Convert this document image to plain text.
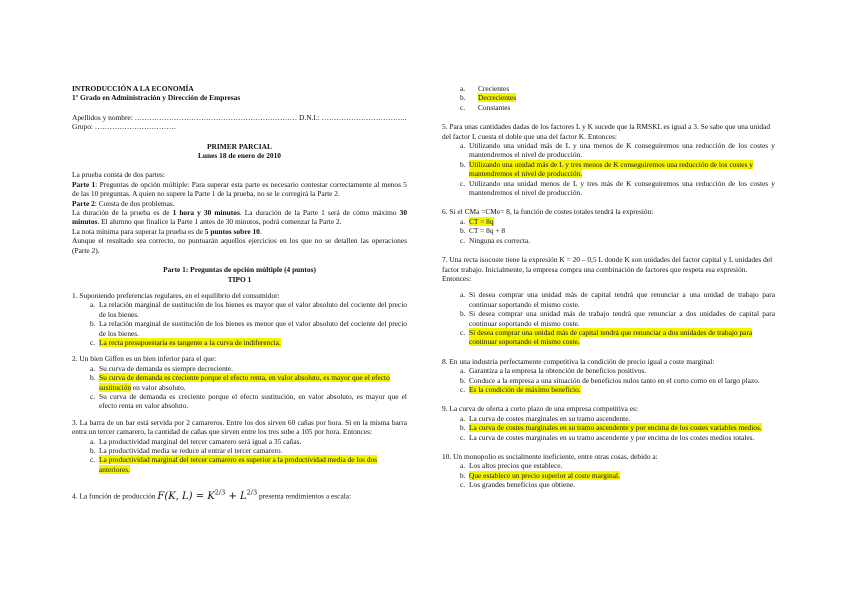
INTRODUCCIÓN A LA ECONOMÍA

1º Grado en Administración y Dirección de Empresas

Apellidos y nombre: ………………………………………………………… D.N.I.: ……………………………..

Grupo: ……………………………

PRIMER PARCIAL

Lunes 18 de enero de 2010

La prueba consta de dos partes:

Parte 1: Preguntas de opción múltiple: Para superar esta parte es necesario contestar correctamente al menos 5 de las 10 preguntas. A quien no supere la Parte 1 de la prueba, no se le corregirá la Parte 2.

Parte 2: Consta de dos problemas.

La duración de la prueba es de 1 hora y 30 minutos. La duración de la Parte 1 será de cómo máximo 30 minutos. El alumno que finalice la Parte 1 antes de 30 minutos, podrá comenzar la Parte 2.

La nota mínima para superar la prueba es de 5 puntos sobre 10.

Aunque el resultado sea correcto, no puntuarán aquellos ejercicios en los que no se detallen las operaciones (Parte 2).

Parte 1: Preguntas de opción múltiple (4 puntos)

TIPO 1

1. Suponiendo preferencias regulares, en el equilibrio del consumidor:

a. La relación marginal de sustitución de los bienes es mayor que el valor absoluto del cociente del precio de los bienes.
b. La relación marginal de sustitución de los bienes es menor que el valor absoluto del cociente del precio de los bienes.
c. La recta presupuestaria es tangente a la curva de indiferencia.

2. Un bien Giffen es un bien inferior para el que:

a. Su curva de demanda es siempre decreciente.
b. Su curva de demanda es creciente porque el efecto renta, en valor absoluto, es mayor que el efecto sustitución en valor absoluto.
c. Su curva de demanda es creciente porque el efecto sustitución, en valor absoluto, es mayor que el efecto renta en valor absoluto.

3. La barra de un bar está servida por 2 camareros. Entre los dos sirven 60 cañas por hora. Si en la misma barra entra un tercer camarero, la cantidad de cañas que sirven entre los tres sube a 105 por hora. Entonces:

a. La productividad marginal del tercer camarero será igual a 35 cañas.
b. La productividad media se reduce al entrar el tercer camarero.
c. La productividad marginal del tercer camarero es superior a la productividad media de los dos anteriores.

4. La función de producción F(K, $L) = K^{2/3} + L^{2/3}$ presenta rendimientos a escala:

a.	Crecientes
b.	Decrecientes
c.	Constantes

5. Para unas cantidades dadas de los factores L y K sucede que la RMSKL es igual a 3. Se sabe que una unidad del factor L cuesta el doble que una del factor K. Entonces:

a. Utilizando una unidad más de L y una menos de K conseguiremos una reducción de los costes y mantendremos el nivel de producción.
b. Utilizando una unidad más de L y tres menos de K conseguiremos una reducción de los costes y mantendremos el nivel de producción.
c. Utilizando una unidad menos de L y tres más de K conseguiremos una reducción de los costes y mantendremos el nivel de producción.

6. Si el CMa =CMe= 8, la función de costes totales tendrá la expresión:

a. CT = 8q
b. CT = 8q + 8
c. Ninguna es correcta.

7. Una recta isocoste tiene la expresión K = 20 – 0,5 L donde K son unidades del factor capital y L unidades del factor trabajo. Inicialmente, la empresa compra una combinación de factores que respeta esa expresión. Entonces:

a. Si desea comprar una unidad más de capital tendrá que renunciar a una unidad de trabajo para continuar soportando el mismo coste.
b. Si desea comprar una unidad más de trabajo tendrá que renunciar a dos unidades de capital para continuar soportando el mismo coste.
c. Si desea comprar una unidad más de capital tendrá que renunciar a dos unidades de trabajo para continuar soportando el mismo coste.

8. En una industria perfectamente competitiva la condición de precio igual a coste marginal:

a. Garantiza a la empresa la obtención de beneficios positivos.
b. Conduce a la empresa a una situación de beneficios nulos tanto en el corto como en el largo plazo.
c. Es la condición de máximo beneficio.

9. La curva de oferta a corto plazo de una empresa competitiva es:

a. La curva de costes marginales en su tramo ascendente.
b. La curva de costes marginales en su tramo ascendente y por encima de los costes variables medios.
c. La curva de costes marginales en su tramo ascendente y por encima de los costes medios totales.

10. Un monopolio es socialmente ineficiente, entre otras cosas, debido a:

a. Los altos precios que establece.
b. Que establece un precio superior al coste marginal.
c. Los grandes beneficios que obtiene.
